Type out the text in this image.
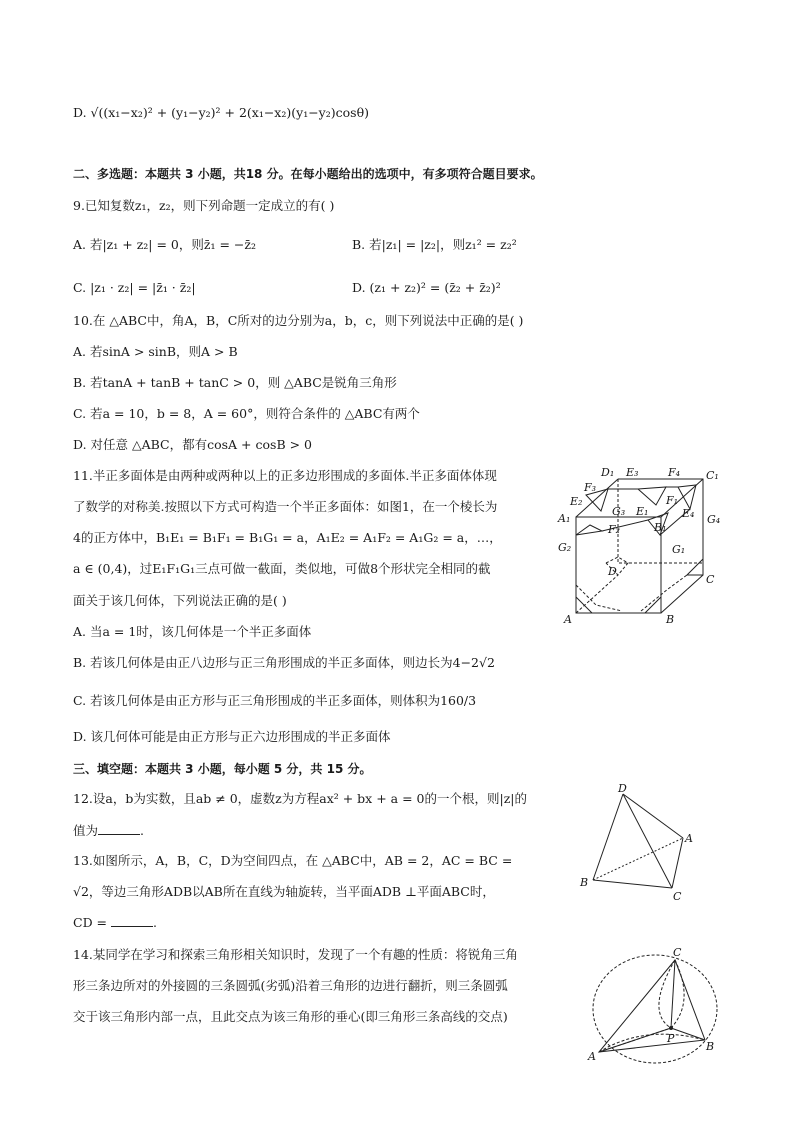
D. √((x₁−x₂)² + (y₁−y₂)² + 2(x₁−x₂)(y₁−y₂)cosθ)
二、多选题：本题共 3 小题，共18 分。在每小题给出的选项中，有多项符合题目要求。
9.已知复数z₁，z₂，则下列命题一定成立的有( )
A. 若|z₁ + z₂| = 0，则z̄₁ = −z̄₂	B. 若|z₁| = |z₂|，则z₁² = z₂²
C. |z₁ · z₂| = |z̄₁ · z̄₂|	D. (z₁ + z₂)² = (z̄₂ + z̄₂)²
10.在 △ABC中，角A，B，C所对的边分别为a，b，c，则下列说法中正确的是( )
A. 若sinA > sinB，则A > B
B. 若tanA + tanB + tanC > 0，则 △ABC是锐角三角形
C. 若a = 10，b = 8，A = 60°，则符合条件的 △ABC有两个
D. 对任意 △ABC，都有cosA + cosB > 0
11.半正多面体是由两种或两种以上的正多边形围成的多面体.半正多面体体现
了数学的对称美.按照以下方式可构造一个半正多面体：如图1，在一个棱长为
4的正方体中，B₁E₁ = B₁F₁ = B₁G₁ = a，A₁E₂ = A₁F₂ = A₁G₂ = a，…，
a ∈ (0,4)，过E₁F₁G₁三点可做一截面，类似地，可做8个形状完全相同的截
面关于该几何体，下列说法正确的是( )
A. 当a = 1时，该几何体是一个半正多面体
B. 若该几何体是由正八边形与正三角形围成的半正多面体，则边长为4−2√2
C. 若该几何体是由正方形与正三角形围成的半正多面体，则体积为160/3
D. 该几何体可能是由正方形与正六边形围成的半正多面体
D₁ E₃	F₄ C₁
F₃
E₂
G₃ E₁
F₁
E₄
A₁
F₂	B₁
G₄
G₂	G₁
D
C
A	B
三、填空题：本题共 3 小题，每小题 5 分，共 15 分。
12.设a，b为实数，且ab ≠ 0，虚数z为方程ax² + bx + a = 0的一个根，则|z|的
值为	.
D
A
B
C
13.如图所示，A，B，C，D为空间四点，在 △ABC中，AB = 2，AC = BC =
√2，等边三角形ADB以AB所在直线为轴旋转，当平面ADB ⊥平面ABC时，
CD =	.
14.某同学在学习和探索三角形相关知识时，发现了一个有趣的性质：将锐角三角
形三条边所对的外接圆的三条圆弧(劣弧)沿着三角形的边进行翻折，则三条圆弧
交于该三角形内部一点，且此交点为该三角形的垂心(即三角形三条高线的交点)
C
P
A
B
